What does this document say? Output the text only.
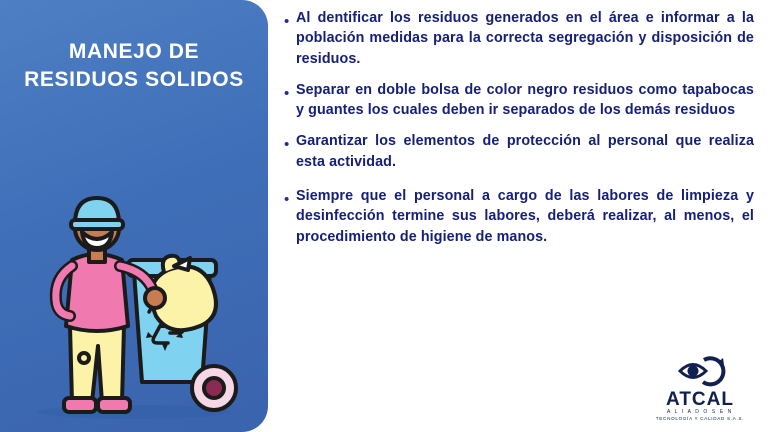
MANEJO DE
RESIDUOS SOLIDOS
• Al dentificar los residuos generados en el área e informar a la población medidas para la correcta segregación y disposición de residuos.
• Separar en doble bolsa de color negro residuos como tapabocas y guantes los cuales deben ir separados de los demás residuos
• Garantizar los elementos de protección al personal que realiza esta actividad.
• Siempre que el personal a cargo de las labores de limpieza y desinfección termine sus labores, deberá realizar, al menos, el procedimiento de higiene de manos.
ATCAL
A L I A D O S E N
TECNOLOGÍA Y CALIDAD S.A.S.
